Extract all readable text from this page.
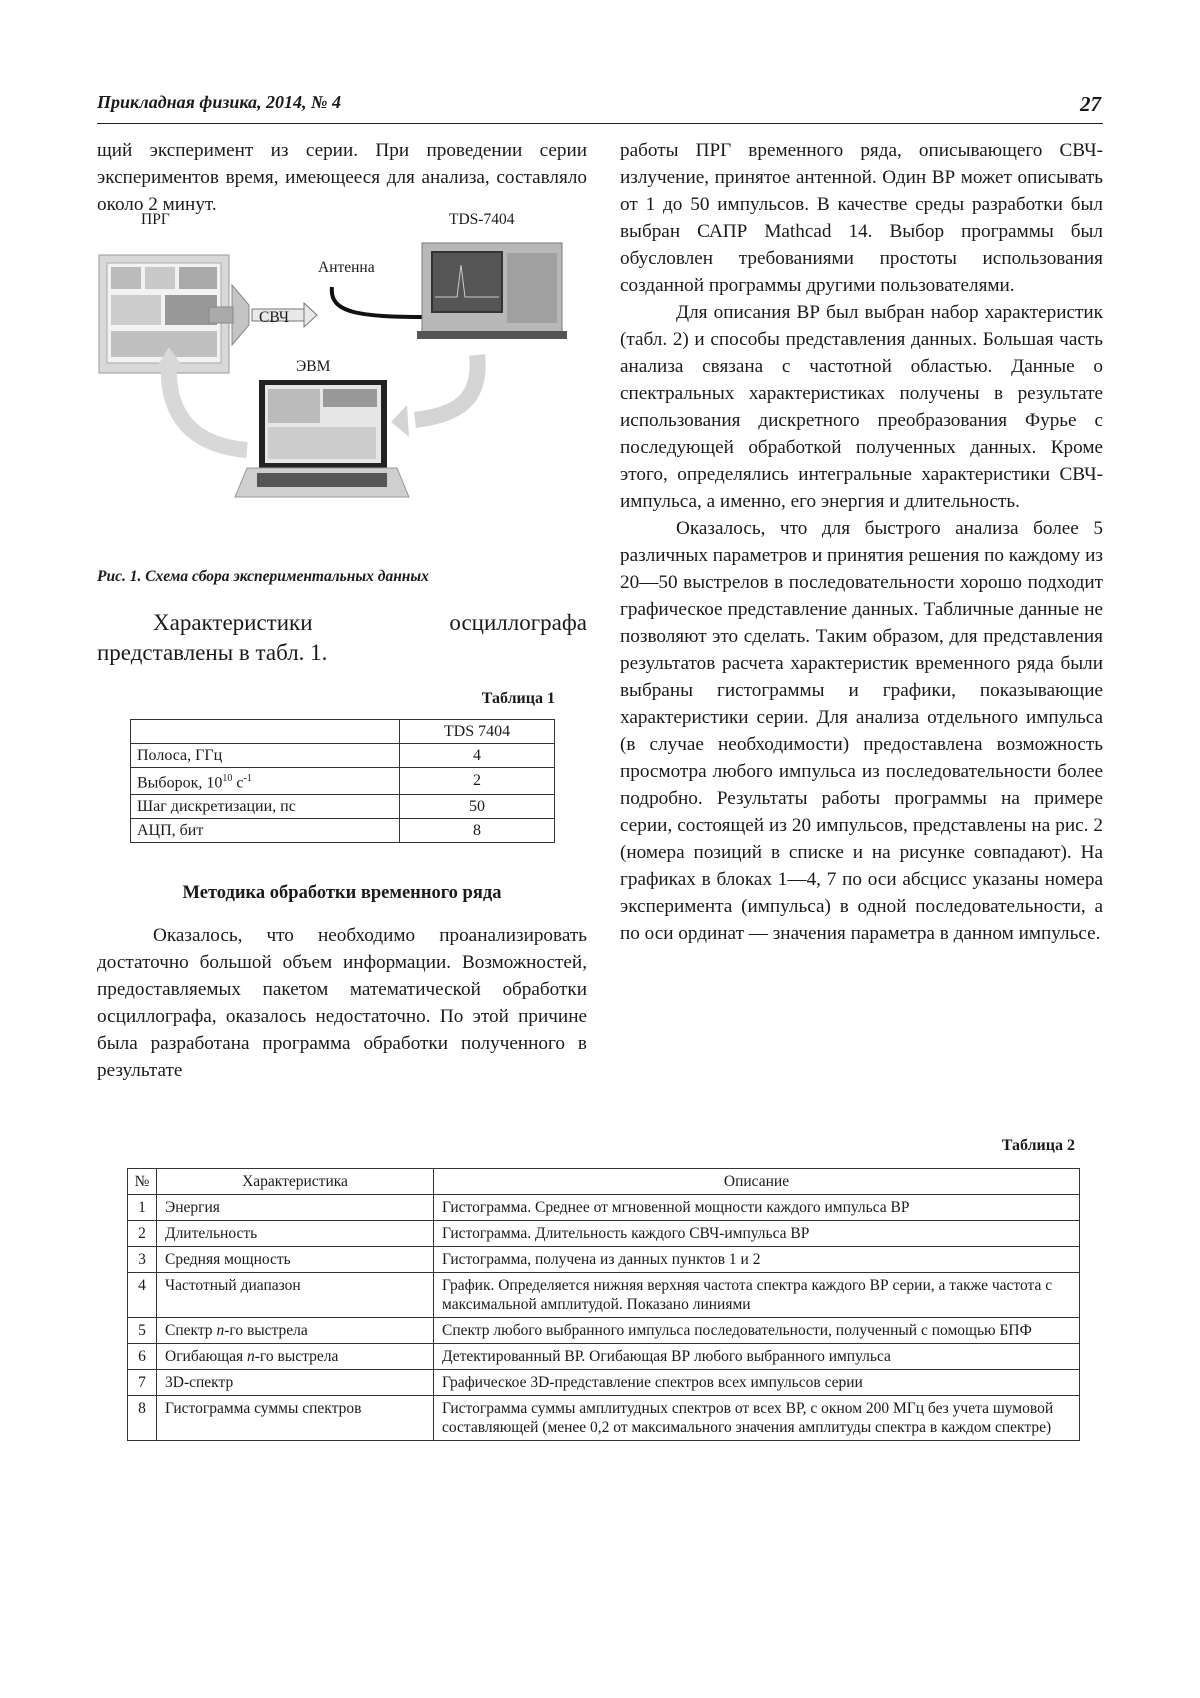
Прикладная физика, 2014, № 4	27

щий эксперимент из серии. При проведении серии экспериментов время, имеющееся для анализа, составляло около 2 минут.

ПРГ	TDS-7404
Антенна
СВЧ
ЭВМ
Рис. 1. Схема сбора экспериментальных данных

Характеристики осциллографа представлены в табл. 1.

Таблица 1
	TDS 7404
Полоса, ГГц	4
Выборок, $10^{10}$ $с^{-1}$	2
Шаг дискретизации, пс	50
АЦП, бит	8
Методика обработки временного ряда

Оказалось, что необходимо проанализировать достаточно большой объем информации. Возможностей, предоставляемых пакетом математической обработки осциллографа, оказалось недостаточно. По этой причине была разработана программа обработки полученного в результате

работы ПРГ временного ряда, описывающего СВЧ-излучение, принятое антенной. Один ВР может описывать от 1 до 50 импульсов. В качестве среды разработки был выбран САПР Mathcad 14. Выбор программы был обусловлен требованиями простоты использования созданной программы другими пользователями.

Для описания ВР был выбран набор характеристик (табл. 2) и способы представления данных. Большая часть анализа связана с частотной областью. Данные о спектральных характеристиках получены в результате использования дискретного преобразования Фурье с последующей обработкой полученных данных. Кроме этого, определялись интегральные характеристики СВЧ-импульса, а именно, его энергия и длительность.

Оказалось, что для быстрого анализа более 5 различных параметров и принятия решения по каждому из 20—50 выстрелов в последовательности хорошо подходит графическое представление данных. Табличные данные не позволяют это сделать. Таким образом, для представления результатов расчета характеристик временного ряда были выбраны гистограммы и графики, показывающие характеристики серии. Для анализа отдельного импульса (в случае необходимости) предоставлена возможность просмотра любого импульса из последовательности более подробно. Результаты работы программы на примере серии, состоящей из 20 импульсов, представлены на рис. 2 (номера позиций в списке и на рисунке совпадают). На графиках в блоках 1—4, 7 по оси абсцисс указаны номера эксперимента (импульса) в одной последовательности, а по оси ординат — значения параметра в данном импульсе.

Таблица 2
№	Характеристика	Описание
1	Энергия	Гистограмма. Среднее от мгновенной мощности каждого импульса ВР
2	Длительность	Гистограмма. Длительность каждого СВЧ-импульса ВР
3	Средняя мощность	Гистограмма, получена из данных пунктов 1 и 2
4	Частотный диапазон	График. Определяется нижняя верхняя частота спектра каждого ВР серии, а также частота с максимальной амплитудой. Показано линиями
5	Спектр n-го выстрела	Спектр любого выбранного импульса последовательности, полученный с помощью БПФ
6	Огибающая n-го выстрела	Детектированный ВР. Огибающая ВР любого выбранного импульса
7	3D-спектр	Графическое 3D-представление спектров всех импульсов серии
8	Гистограмма суммы спектров	Гистограмма суммы амплитудных спектров от всех ВР, с окном 200 МГц без учета шумовой составляющей (менее 0,2 от максимального значения амплитуды спектра в каждом спектре)
